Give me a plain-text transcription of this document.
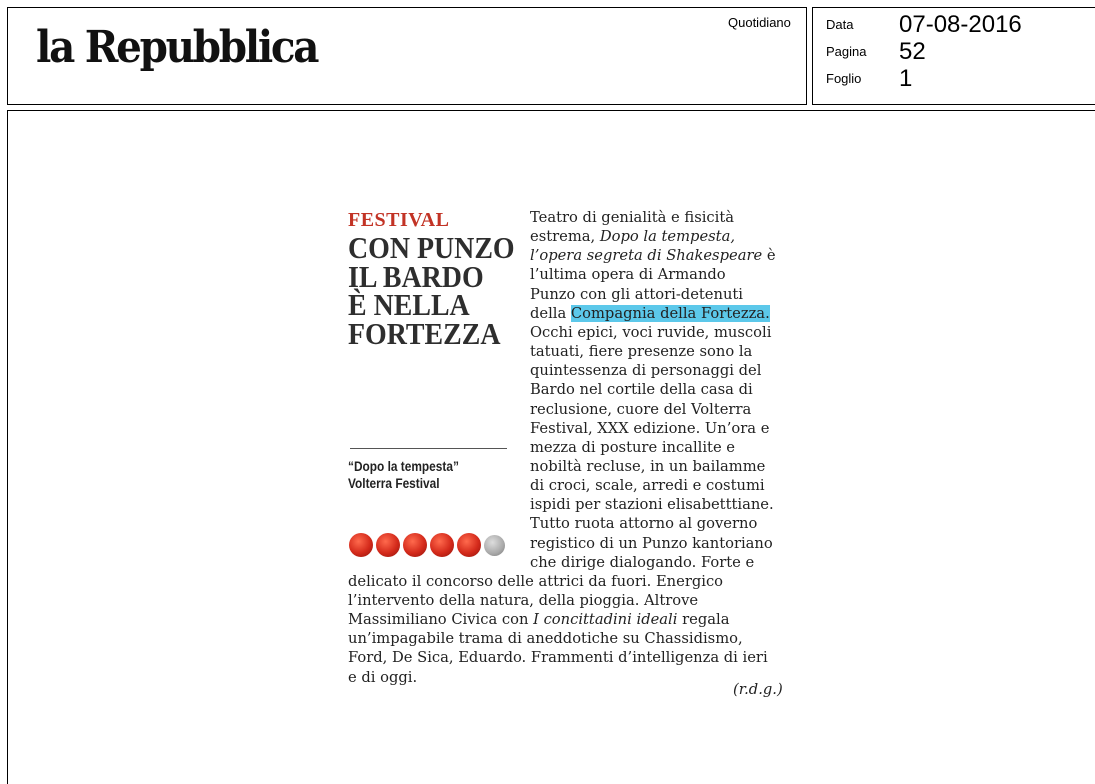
la Repubblica	Quotidiano	Data 07-08-2016
Pagina 52
Foglio 1
FESTIVAL
CON PUNZO
IL BARDO
È NELLA
FORTEZZA
“Dopo la tempesta”
Volterra Festival
Teatro di genialità e fisicità
estrema, Dopo la tempesta,
l’opera segreta di Shakespeare è
l’ultima opera di Armando
Punzo con gli attori-detenuti
della Compagnia della Fortezza.
Occhi epici, voci ruvide, muscoli
tatuati, fiere presenze sono la
quintessenza di personaggi del
Bardo nel cortile della casa di
reclusione, cuore del Volterra
Festival, XXX edizione. Un’ora e
mezza di posture incallite e
nobiltà recluse, in un bailamme
di croci, scale, arredi e costumi
ispidi per stazioni elisabetttiane.
Tutto ruota attorno al governo
registico di un Punzo kantoriano
che dirige dialogando. Forte e
delicato il concorso delle attrici da fuori. Energico
l’intervento della natura, della pioggia. Altrove
Massimiliano Civica con I concittadini ideali regala
un’impagabile trama di aneddotiche su Chassidismo,
Ford, De Sica, Eduardo. Frammenti d’intelligenza di ieri
e di oggi.
(r.d.g.)
